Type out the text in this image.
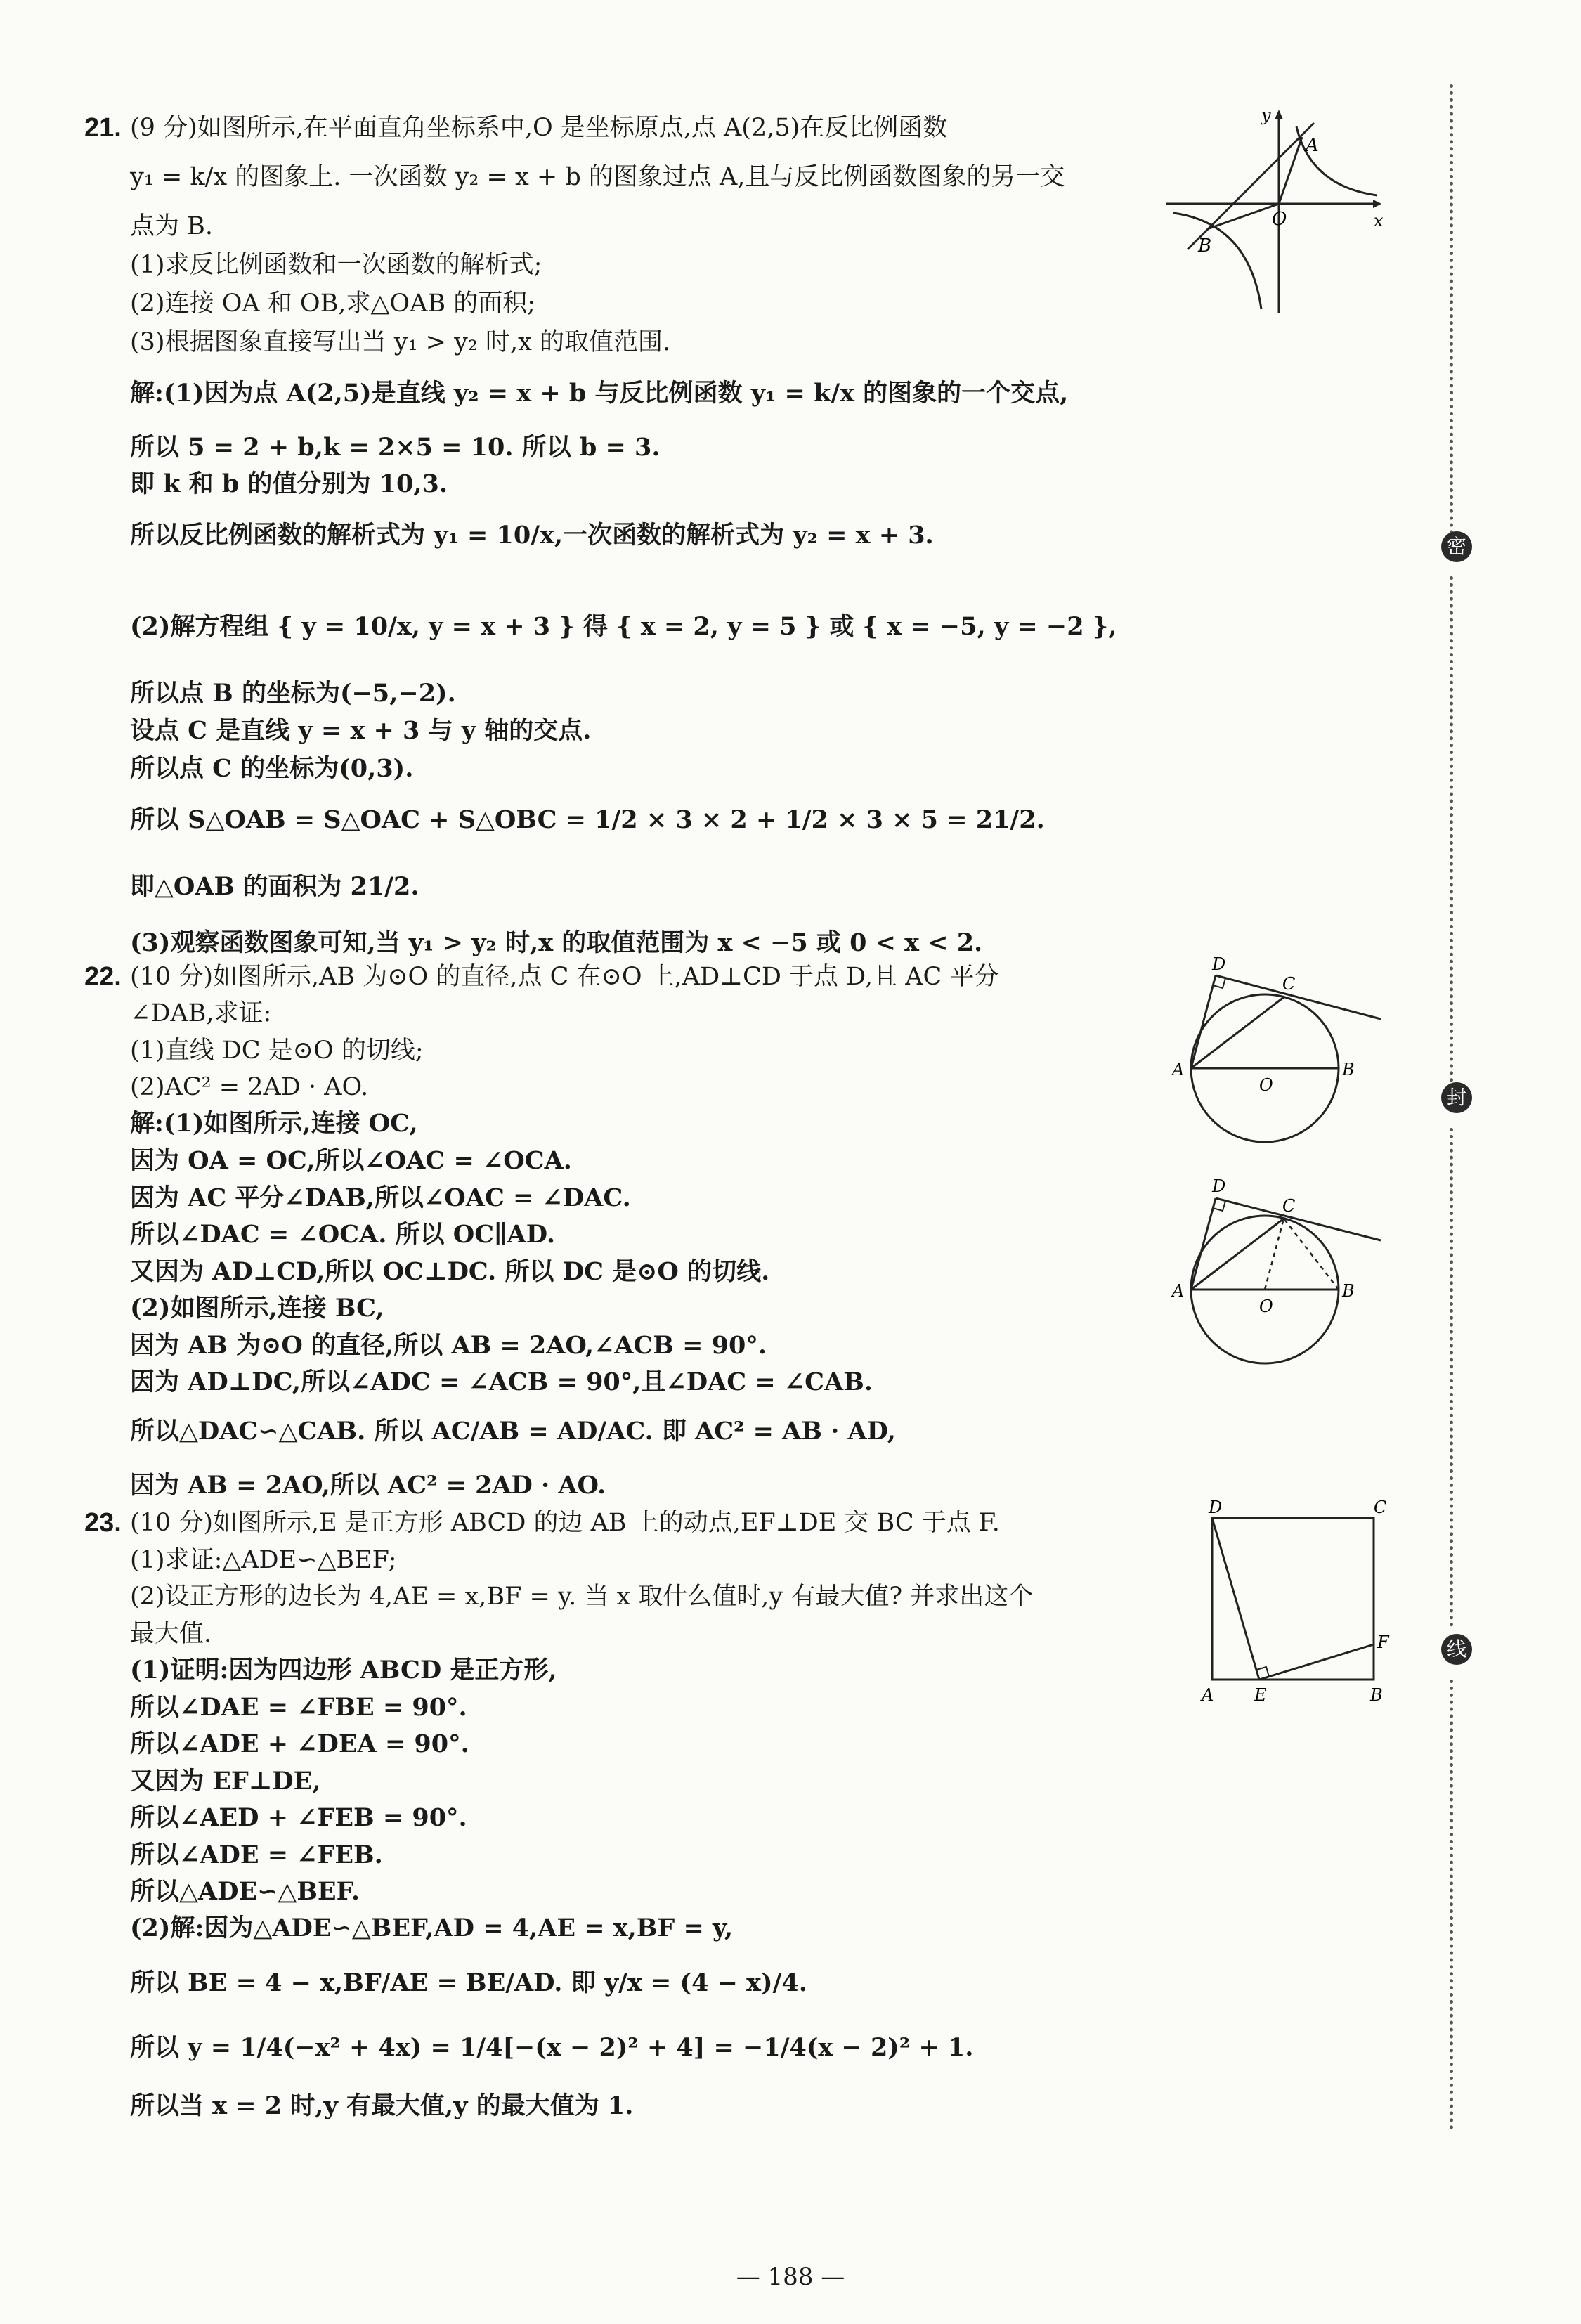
密
封
线
21. (9 分)如图所示,在平面直角坐标系中,O 是坐标原点,点 A(2,5)在反比例函数
y₁ = k/x 的图象上. 一次函数 y₂ = x + b 的图象过点 A,且与反比例函数图象的另一交
点为 B.
(1)求反比例函数和一次函数的解析式;
(2)连接 OA 和 OB,求△OAB 的面积;
(3)根据图象直接写出当 y₁ > y₂ 时,x 的取值范围.
解:(1)因为点 A(2,5)是直线 y₂ = x + b 与反比例函数 y₁ = k/x 的图象的一个交点,
所以 5 = 2 + b,k = 2×5 = 10. 所以 b = 3.
即 k 和 b 的值分别为 10,3.
所以反比例函数的解析式为 y₁ = 10/x,一次函数的解析式为 y₂ = x + 3.
(2)解方程组 { y = 10/x, y = x + 3 } 得 { x = 2, y = 5 } 或 { x = −5, y = −2 },
所以点 B 的坐标为(−5,−2).
设点 C 是直线 y = x + 3 与 y 轴的交点.
所以点 C 的坐标为(0,3).
所以 S△OAB = S△OAC + S△OBC = 1/2 × 3 × 2 + 1/2 × 3 × 5 = 21/2.
即△OAB 的面积为 21/2.
(3)观察函数图象可知,当 y₁ > y₂ 时,x 的取值范围为 x < −5 或 0 < x < 2.
y
x
O
A
B
22. (10 分)如图所示,AB 为⊙O 的直径,点 C 在⊙O 上,AD⊥CD 于点 D,且 AC 平分
∠DAB,求证:
(1)直线 DC 是⊙O 的切线;
(2)AC² = 2AD · AO.
解:(1)如图所示,连接 OC,
因为 OA = OC,所以∠OAC = ∠OCA.
因为 AC 平分∠DAB,所以∠OAC = ∠DAC.
所以∠DAC = ∠OCA. 所以 OC∥AD.
又因为 AD⊥CD,所以 OC⊥DC. 所以 DC 是⊙O 的切线.
(2)如图所示,连接 BC,
因为 AB 为⊙O 的直径,所以 AB = 2AO,∠ACB = 90°.
因为 AD⊥DC,所以∠ADC = ∠ACB = 90°,且∠DAC = ∠CAB.
所以△DAC∽△CAB. 所以 AC/AB = AD/AC. 即 AC² = AB · AD,
因为 AB = 2AO,所以 AC² = 2AD · AO.
D
C
A
O
B
D
C
A
O
B
23. (10 分)如图所示,E 是正方形 ABCD 的边 AB 上的动点,EF⊥DE 交 BC 于点 F.
(1)求证:△ADE∽△BEF;
(2)设正方形的边长为 4,AE = x,BF = y. 当 x 取什么值时,y 有最大值? 并求出这个
最大值.
(1)证明:因为四边形 ABCD 是正方形,
所以∠DAE = ∠FBE = 90°.
所以∠ADE + ∠DEA = 90°.
又因为 EF⊥DE,
所以∠AED + ∠FEB = 90°.
所以∠ADE = ∠FEB.
所以△ADE∽△BEF.
(2)解:因为△ADE∽△BEF,AD = 4,AE = x,BF = y,
所以 BE = 4 − x,BF/AE = BE/AD. 即 y/x = (4 − x)/4.
所以 y = 1/4(−x² + 4x) = 1/4[−(x − 2)² + 4] = −1/4(x − 2)² + 1.
所以当 x = 2 时,y 有最大值,y 的最大值为 1.
D	C
F
A E	B
— 188 —
